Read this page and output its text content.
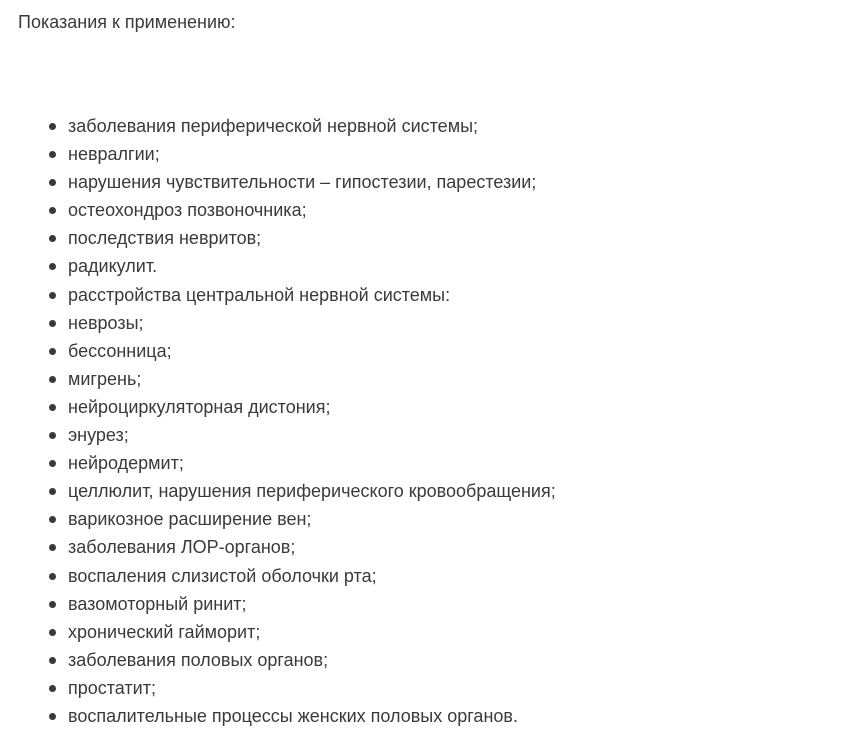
Показания к применению:

заболевания периферической нервной системы;
невралгии;
нарушения чувствительности – гипостезии, парестезии;
остеохондроз позвоночника;
последствия невритов;
радикулит.
расстройства центральной нервной системы:
неврозы;
бессонница;
мигрень;
нейроциркуляторная дистония;
энурез;
нейродермит;
целлюлит, нарушения периферического кровообращения;
варикозное расширение вен;
заболевания ЛОР-органов;
воспаления слизистой оболочки рта;
вазомоторный ринит;
хронический гайморит;
заболевания половых органов;
простатит;
воспалительные процессы женских половых органов.
